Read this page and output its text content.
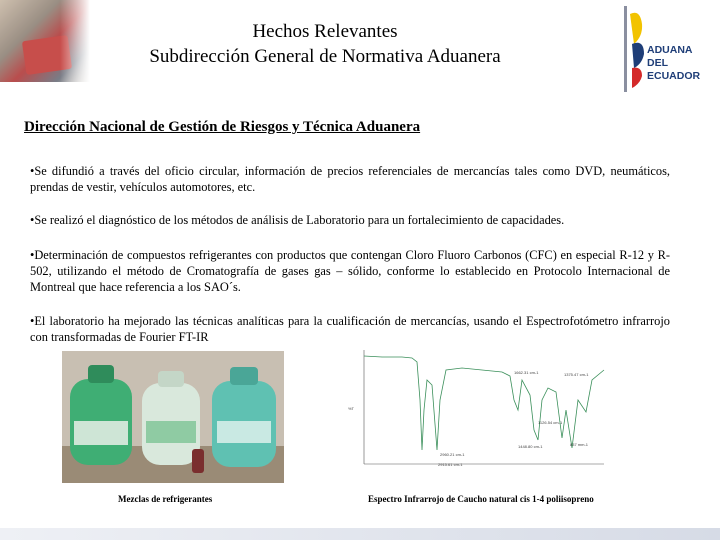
Hechos Relevantes
Subdirección General de Normativa Aduanera	ADUANA
DEL
ECUADOR
Dirección Nacional de Gestión de Riesgos y Técnica Aduanera

•Se difundió a través del oficio circular, información de precios referenciales de mercancías tales como DVD, neumáticos, prendas de vestir, vehículos automotores, etc.

•Se realizó el diagnóstico de los métodos de análisis de Laboratorio para un fortalecimiento de capacidades.

•Determinación de compuestos refrigerantes con productos que contengan Cloro Fluoro Carbonos (CFC) en especial R-12 y R- 502, utilizando el método de Cromatografía de gases gas – sólido, conforme lo establecido en Protocolo Internacional de Montreal que hace referencia a los SAO´s.

•El laboratorio ha mejorado las técnicas analíticas para la cualificación de mercancías, usando el Espectrofotómetro infrarrojo con transformadas de Fourier FT-IR

1662.31 cm-1	1375.47 cm-1
1126.54 cm-1
1448.80 cm-1	837 mm-1
2960.21 cm-1
2915.61 cm-1
%T
Mezclas de refrigerantes	Espectro Infrarrojo de Caucho natural cis 1-4 poliisopreno
